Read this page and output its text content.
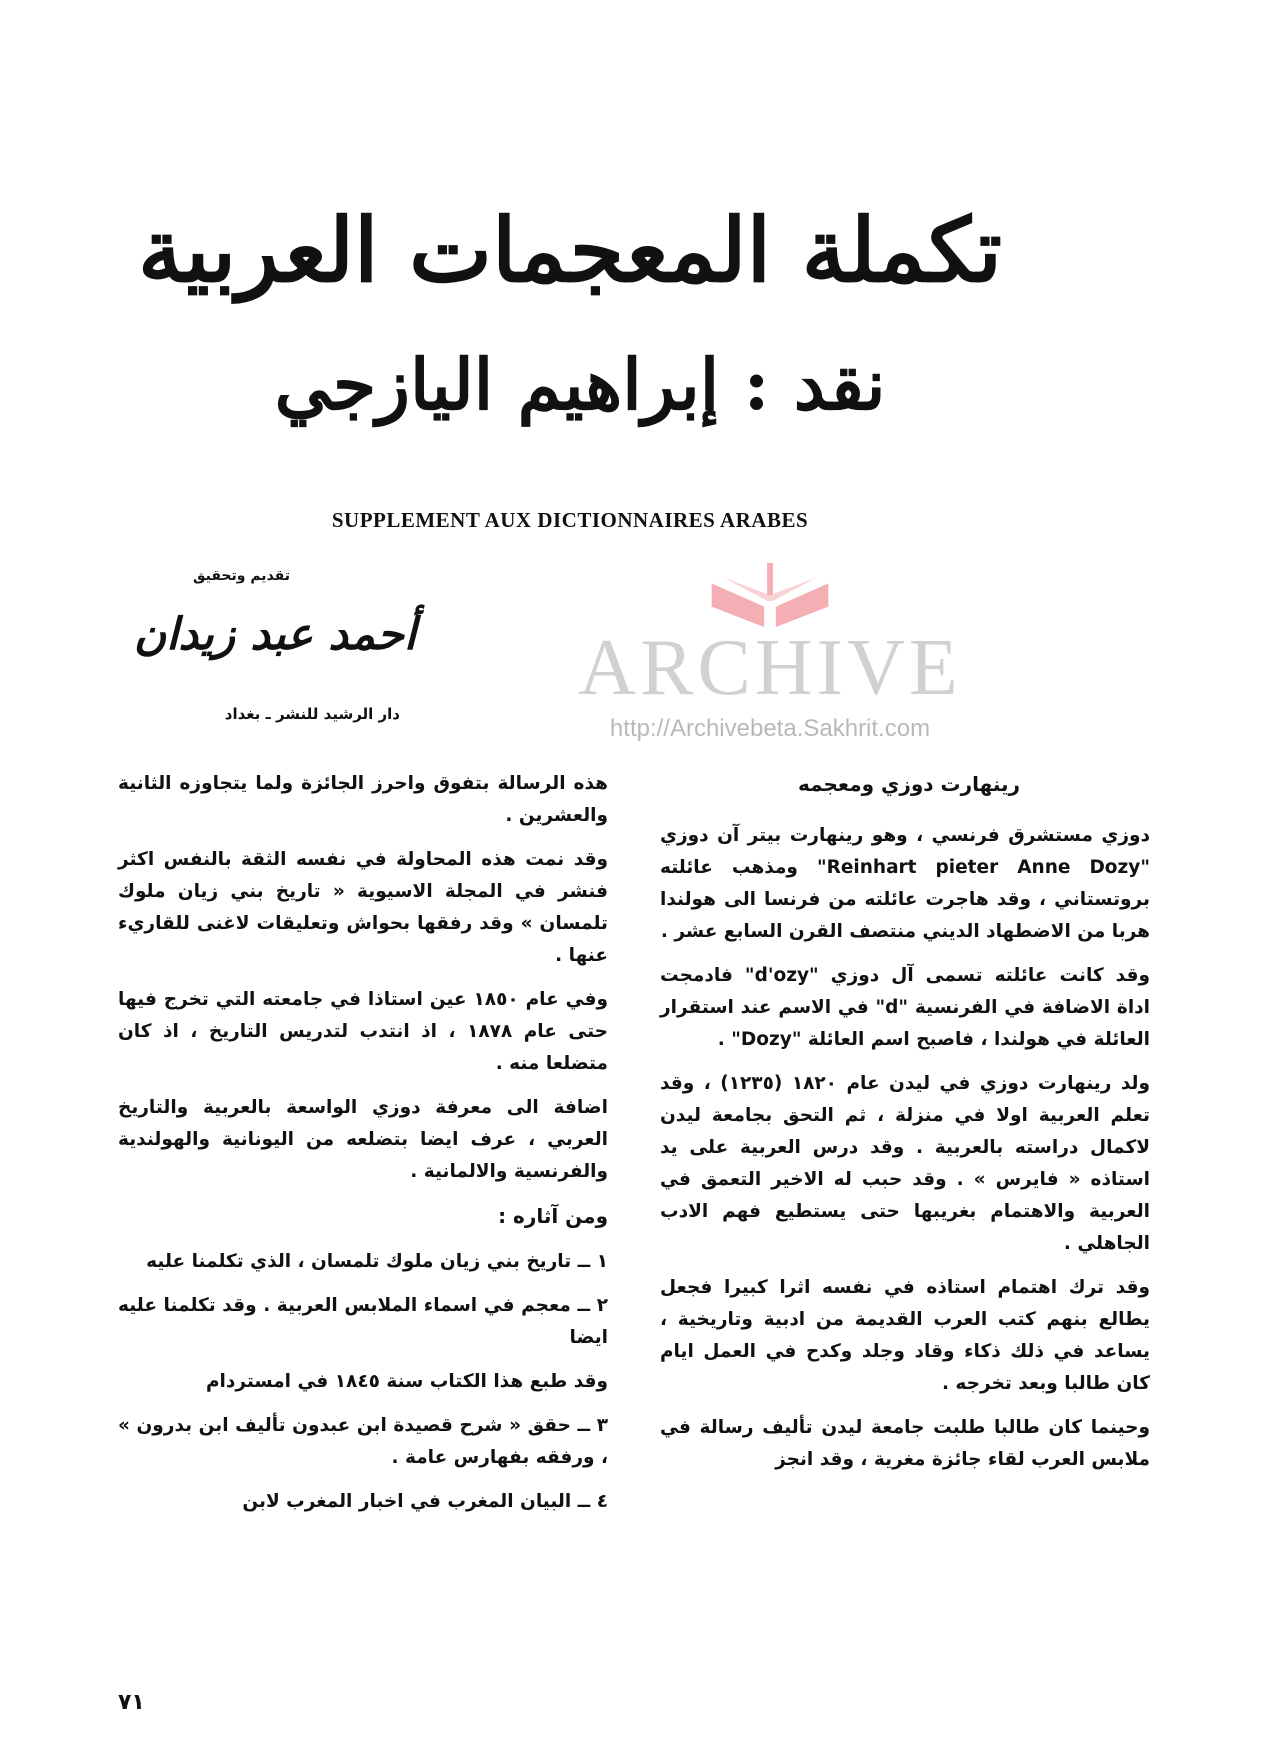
ARCHIVE
http://Archivebeta.Sakhrit.com
تكملة المعجمات العربية
نقد : إبراهيم اليازجي
SUPPLEMENT AUX DICTIONNAIRES ARABES
تقديم وتحقيق
أحمد عبد زيدان
دار الرشيد للنشر ـ بغداد
رينهارت دوزي ومعجمه

دوزي مستشرق فرنسي ، وهو رينهارت بيتر آن دوزي "Reinhart pieter Anne Dozy" ومذهب عائلته بروتستاني ، وقد هاجرت عائلته من فرنسا الى هولندا هربا من الاضطهاد الديني منتصف القرن السابع عشر .

وقد كانت عائلته تسمى آل دوزي "d'ozy" فادمجت اداة الاضافة في الفرنسية "d" في الاسم عند استقرار العائلة في هولندا ، فاصبح اسم العائلة "Dozy" .

ولد رينهارت دوزي في ليدن عام ١٨٢٠ (١٢٣٥) ، وقد تعلم العربية اولا في منزلة ، ثم التحق بجامعة ليدن لاكمال دراسته بالعربية . وقد درس العربية على يد استاذه « فايرس » . وقد حبب له الاخير التعمق في العربية والاهتمام بغريبها حتى يستطيع فهم الادب الجاهلي .

وقد ترك اهتمام استاذه في نفسه اثرا كبيرا فجعل يطالع بنهم كتب العرب القديمة من ادبية وتاريخية ، يساعد في ذلك ذكاء وقاد وجلد وكدح في العمل ايام كان طالبا وبعد تخرجه .

وحينما كان طالبا طلبت جامعة ليدن تأليف رسالة في ملابس العرب لقاء جائزة مغرية ، وقد انجز

هذه الرسالة بتفوق واحرز الجائزة ولما يتجاوزه الثانية والعشرين .

وقد نمت هذه المحاولة في نفسه الثقة بالنفس اكثر فنشر في المجلة الاسيوية « تاريخ بني زيان ملوك تلمسان » وقد رفقها بحواش وتعليقات لاغنى للقاريء عنها .

وفي عام ١٨٥٠ عين استاذا في جامعته التي تخرج فيها حتى عام ١٨٧٨ ، اذ انتدب لتدريس التاريخ ، اذ كان متضلعا منه .

اضافة الى معرفة دوزي الواسعة بالعربية والتاريخ العربي ، عرف ايضا بتضلعه من اليونانية والهولندية والفرنسية والالمانية .

ومن آثاره :

١ ــ تاريخ بني زيان ملوك تلمسان ، الذي تكلمنا عليه

٢ ــ معجم في اسماء الملابس العربية . وقد تكلمنا عليه ايضا

وقد طبع هذا الكتاب سنة ١٨٤٥ في امستردام

٣ ــ حقق « شرح قصيدة ابن عبدون تأليف ابن بدرون » ، ورفقه بفهارس عامة .

٤ ــ البيان المغرب في اخبار المغرب لابن

٧١
